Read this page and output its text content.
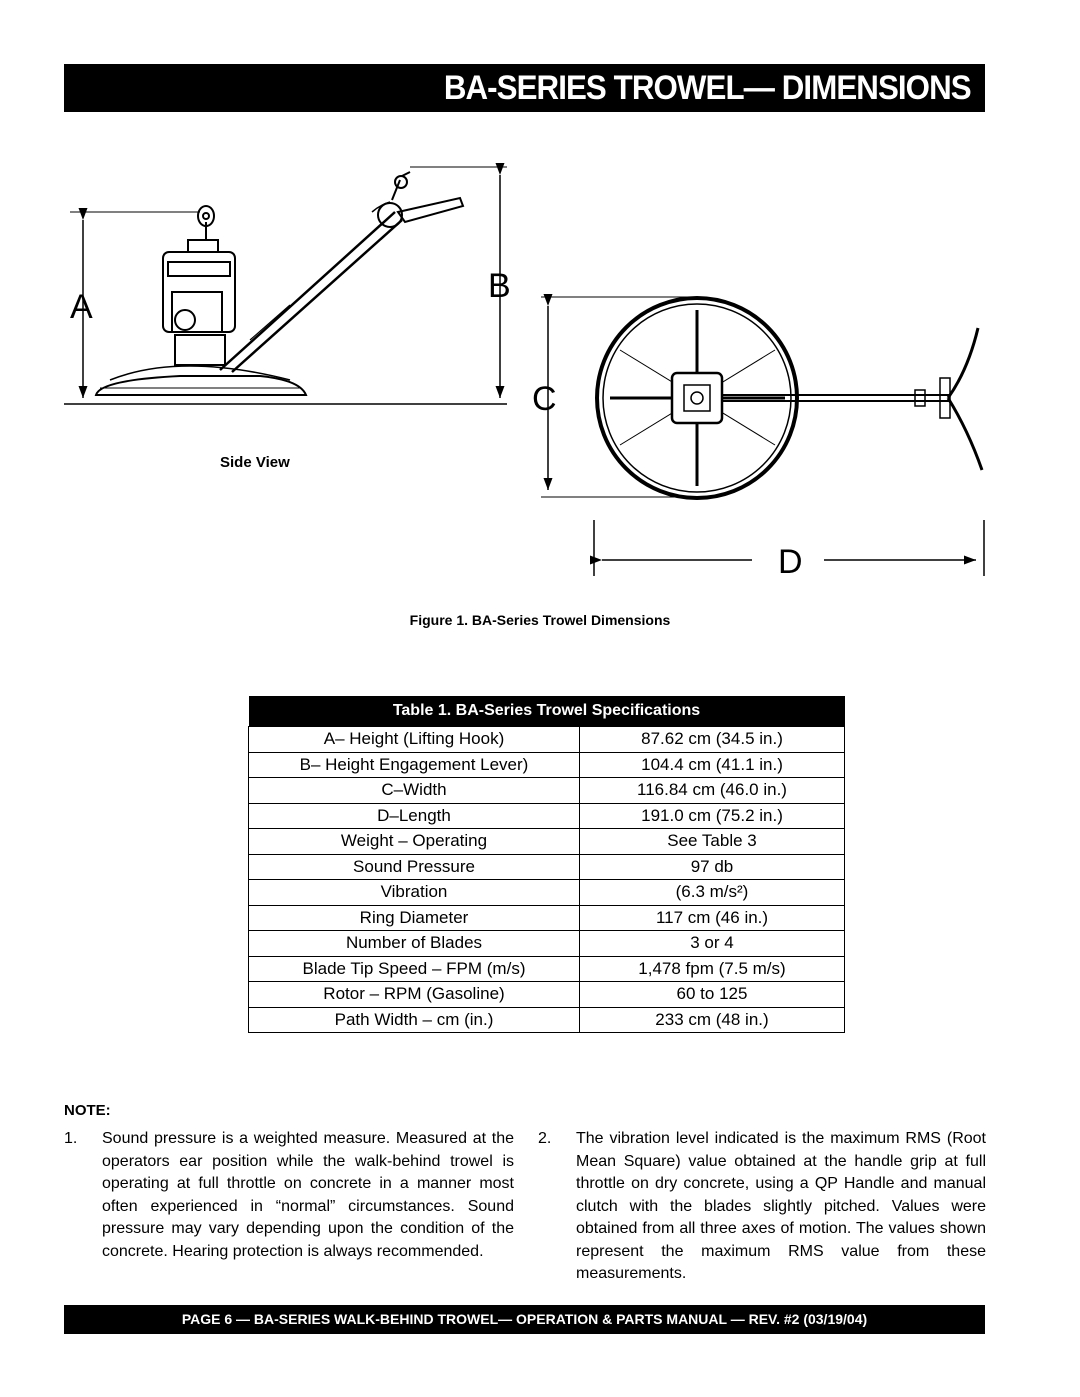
BA-SERIES TROWEL— DIMENSIONS
A
B
C
D
Side View
Figure 1. BA-Series Trowel Dimensions
Table 1. BA-Series Trowel Specifications	
A– Height (Lifting Hook)	87.62 cm (34.5 in.)
B– Height Engagement Lever)	104.4 cm (41.1 in.)
C–Width	116.84 cm (46.0 in.)
D–Length	191.0 cm (75.2 in.)
Weight – Operating	See Table 3
Sound Pressure	97 db
Vibration	(6.3 m/s²)
Ring Diameter	117 cm (46 in.)
Number of Blades	3 or 4
Blade Tip Speed – FPM (m/s)	1,478 fpm (7.5 m/s)
Rotor – RPM (Gasoline)	60 to 125
Path Width – cm (in.)	233 cm (48 in.)
NOTE:
1. Sound pressure is a weighted measure. Measured at the operators ear position while the walk-behind trowel is operating at full throttle on concrete in a manner most often experienced in “normal” circumstances. Sound pressure may vary depending upon the condition of the concrete. Hearing protection is always recommended.
2. The vibration level indicated is the maximum RMS (Root Mean Square) value obtained at the handle grip at full throttle on dry concrete, using a QP Handle and manual clutch with the blades slightly pitched. Values were obtained from all three axes of motion. The values shown represent the maximum RMS value from these measurements.
PAGE 6 — BA-SERIES WALK-BEHIND TROWEL— OPERATION & PARTS MANUAL — REV. #2 (03/19/04)
